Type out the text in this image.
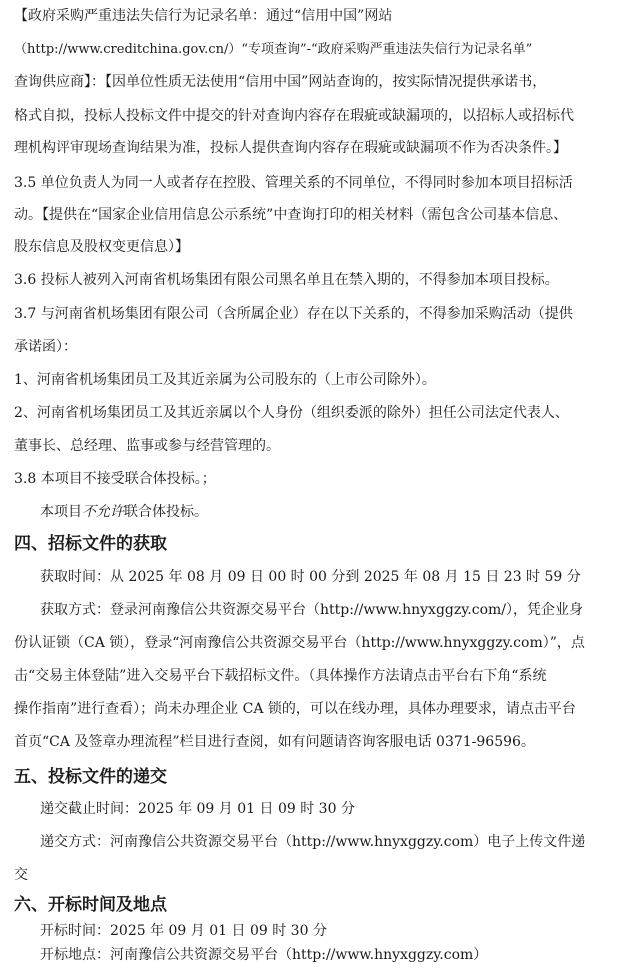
【政府采购严重违法失信行为记录名单：通过“信用中国”网站
（http://www.creditchina.gov.cn/）“专项查询”-“政府采购严重违法失信行为记录名单”
查询供应商】：【因单位性质无法使用“信用中国”网站查询的，按实际情况提供承诺书，
格式自拟，投标人投标文件中提交的针对查询内容存在瑕疵或缺漏项的，以招标人或招标代
理机构评审现场查询结果为准，投标人提供查询内容存在瑕疵或缺漏项不作为否决条件。】
3.5 单位负责人为同一人或者存在控股、管理关系的不同单位，不得同时参加本项目招标活
动。【提供在“国家企业信用信息公示系统”中查询打印的相关材料（需包含公司基本信息、
股东信息及股权变更信息）】
3.6 投标人被列入河南省机场集团有限公司黑名单且在禁入期的，不得参加本项目投标。
3.7 与河南省机场集团有限公司（含所属企业）存在以下关系的，不得参加采购活动（提供
承诺函）：
1、河南省机场集团员工及其近亲属为公司股东的（上市公司除外）。
2、河南省机场集团员工及其近亲属以个人身份（组织委派的除外）担任公司法定代表人、
董事长、总经理、监事或参与经营管理的。
3.8 本项目不接受联合体投标。；
本项目不允许联合体投标。
四、招标文件的获取
获取时间：从 2025 年 08 月 09 日 00 时 00 分到 2025 年 08 月 15 日 23 时 59 分
获取方式：登录河南豫信公共资源交易平台（http://www.hnyxggzy.com/），凭企业身
份认证锁（CA 锁），登录“河南豫信公共资源交易平台（http://www.hnyxggzy.com）”，点
击“交易主体登陆”进入交易平台下载招标文件。（具体操作方法请点击平台右下角“系统
操作指南”进行查看）；尚未办理企业 CA 锁的，可以在线办理，具体办理要求，请点击平台
首页“CA 及签章办理流程”栏目进行查阅，如有问题请咨询客服电话 0371-96596。
五、投标文件的递交
递交截止时间：2025 年 09 月 01 日 09 时 30 分
递交方式：河南豫信公共资源交易平台（http://www.hnyxggzy.com）电子上传文件递
交
六、开标时间及地点
开标时间：2025 年 09 月 01 日 09 时 30 分
开标地点：河南豫信公共资源交易平台（http://www.hnyxggzy.com）
